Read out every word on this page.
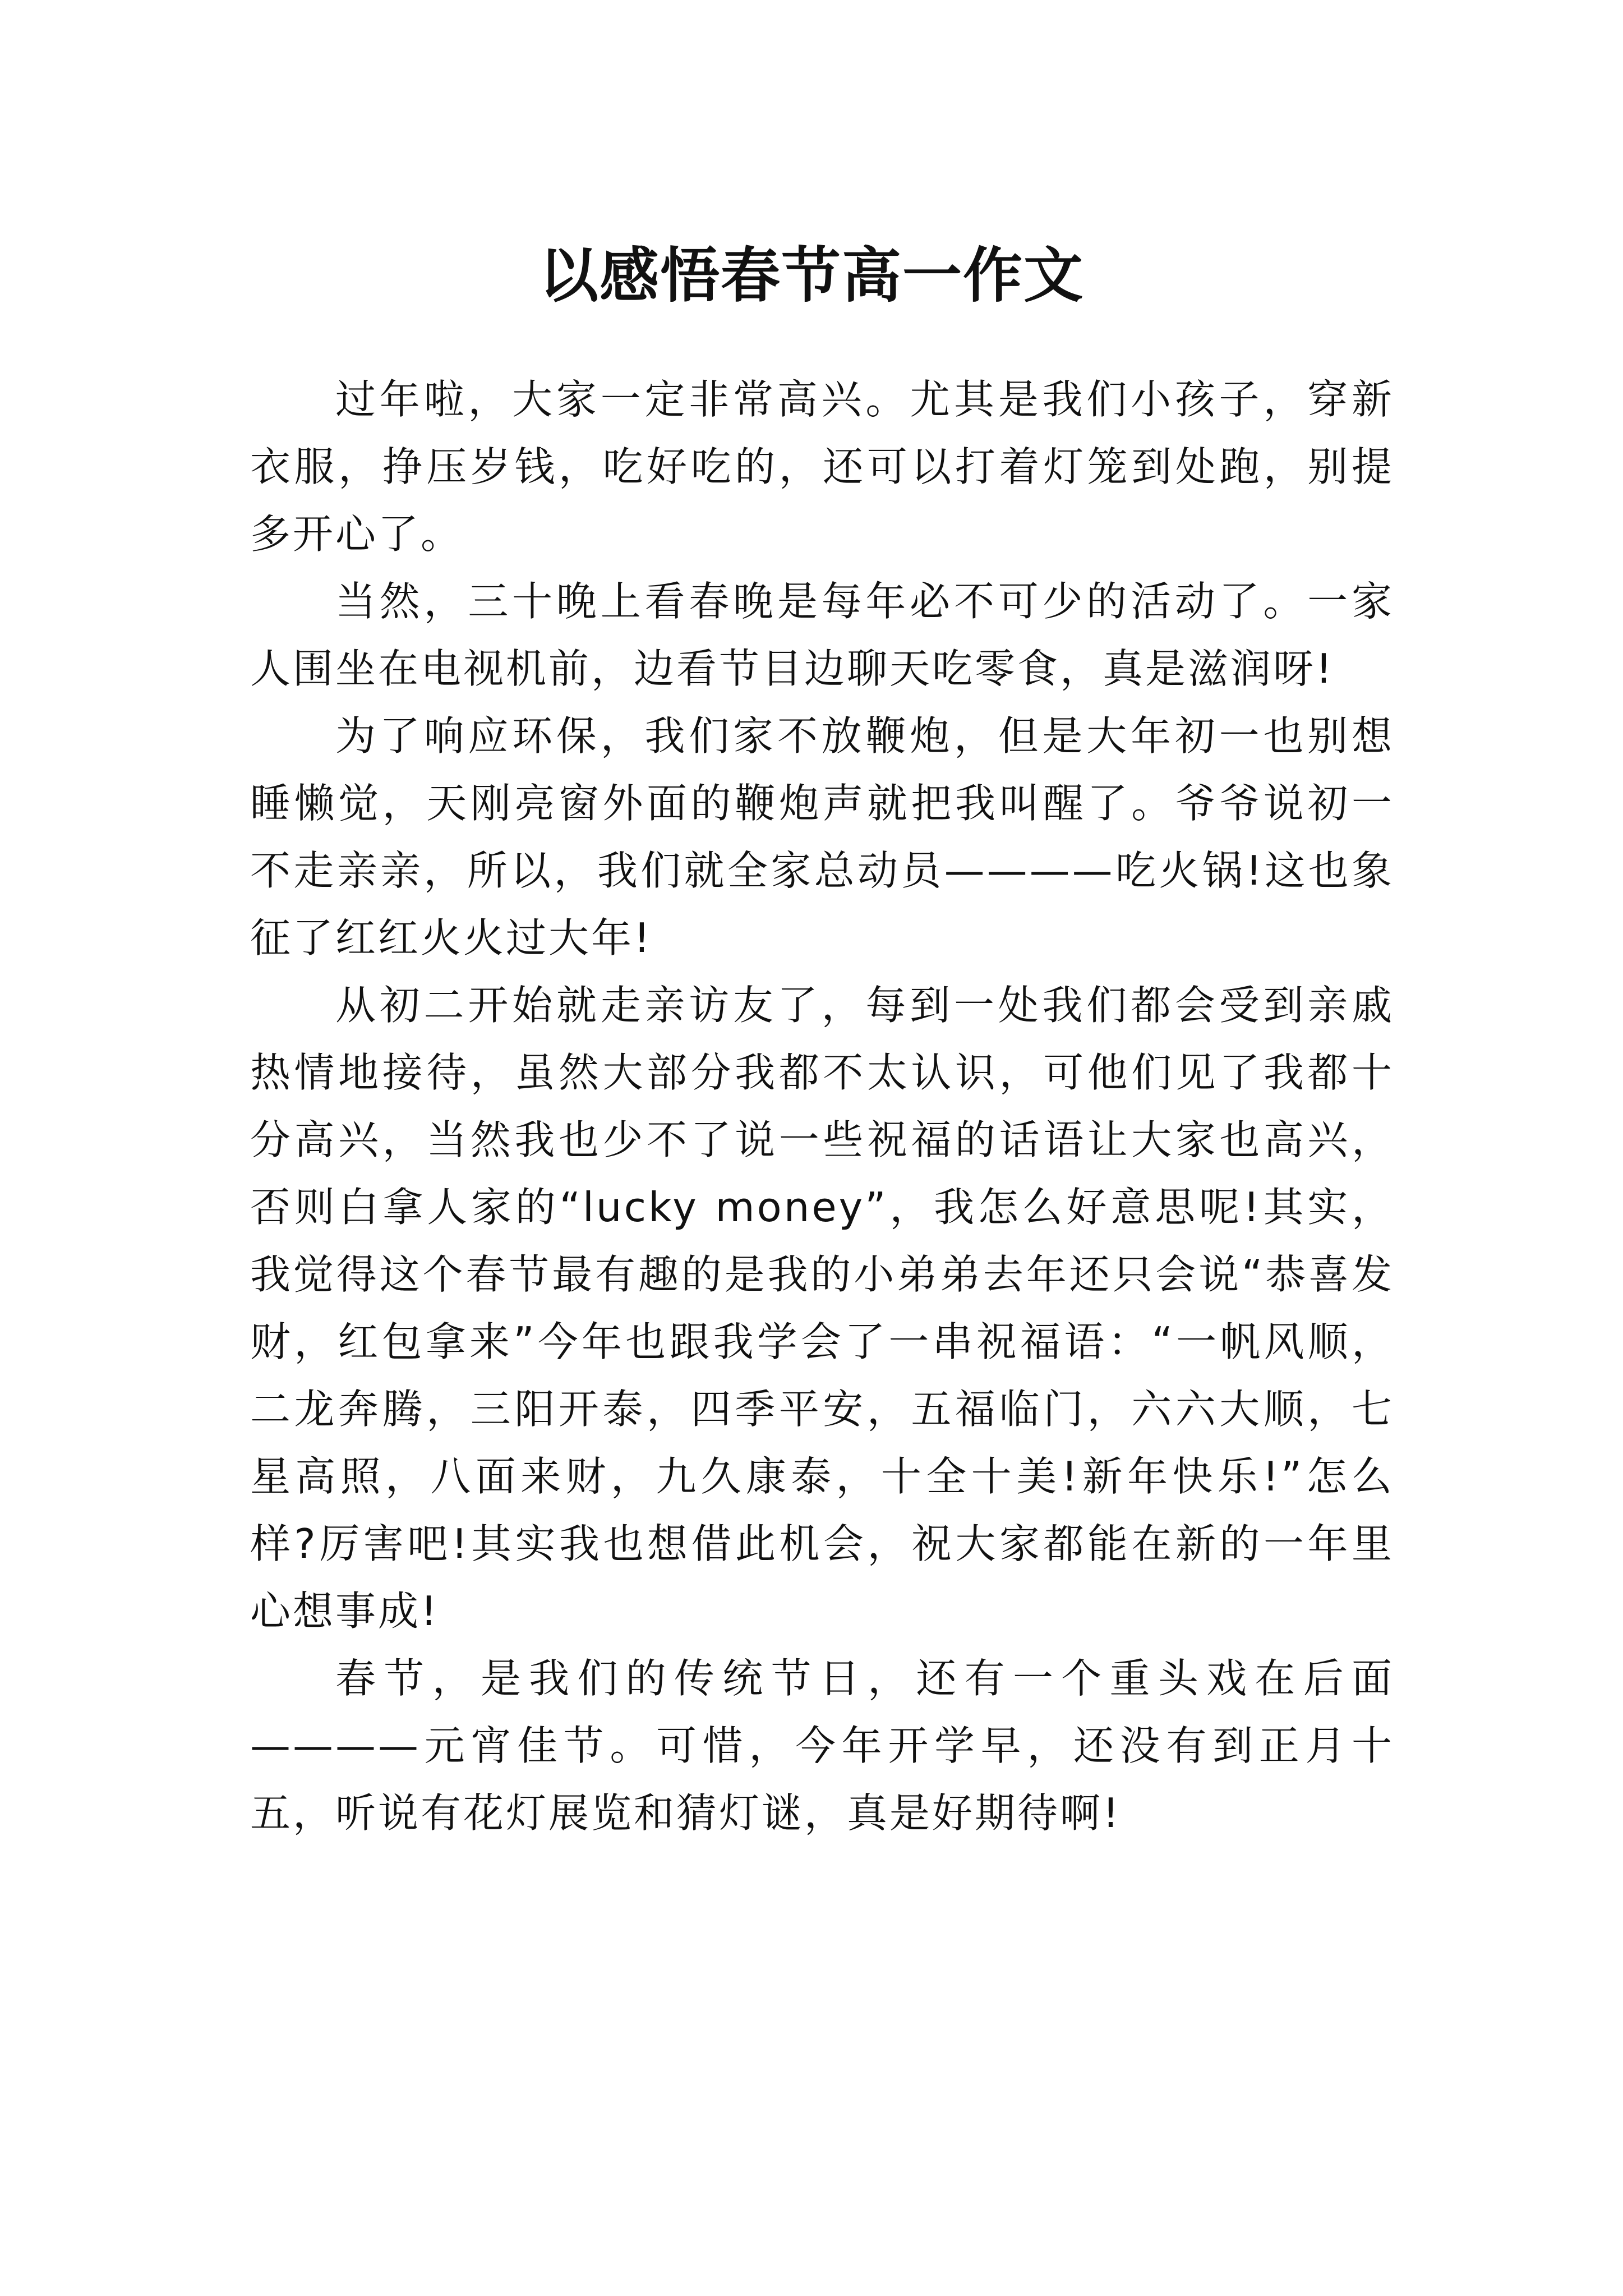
以感悟春节高一作文

过年啦，大家一定非常高兴。尤其是我们小孩子，穿新衣服，挣压岁钱，吃好吃的，还可以打着灯笼到处跑，别提多开心了。

当然，三十晚上看春晚是每年必不可少的活动了。一家人围坐在电视机前，边看节目边聊天吃零食，真是滋润呀!

为了响应环保，我们家不放鞭炮，但是大年初一也别想睡懒觉，天刚亮窗外面的鞭炮声就把我叫醒了。爷爷说初一不走亲亲，所以，我们就全家总动员————吃火锅!这也象征了红红火火过大年!

从初二开始就走亲访友了，每到一处我们都会受到亲戚热情地接待，虽然大部分我都不太认识，可他们见了我都十分高兴，当然我也少不了说一些祝福的话语让大家也高兴，否则白拿人家的“lucky money”，我怎么好意思呢!其实，我觉得这个春节最有趣的是我的小弟弟去年还只会说“恭喜发财，红包拿来”今年也跟我学会了一串祝福语：“一帆风顺，二龙奔腾，三阳开泰，四季平安，五福临门，六六大顺，七星高照，八面来财，九久康泰，十全十美!新年快乐!”怎么样?厉害吧!其实我也想借此机会，祝大家都能在新的一年里心想事成!

春节，是我们的传统节日，还有一个重头戏在后面————元宵佳节。可惜，今年开学早，还没有到正月十五，听说有花灯展览和猜灯谜，真是好期待啊!
